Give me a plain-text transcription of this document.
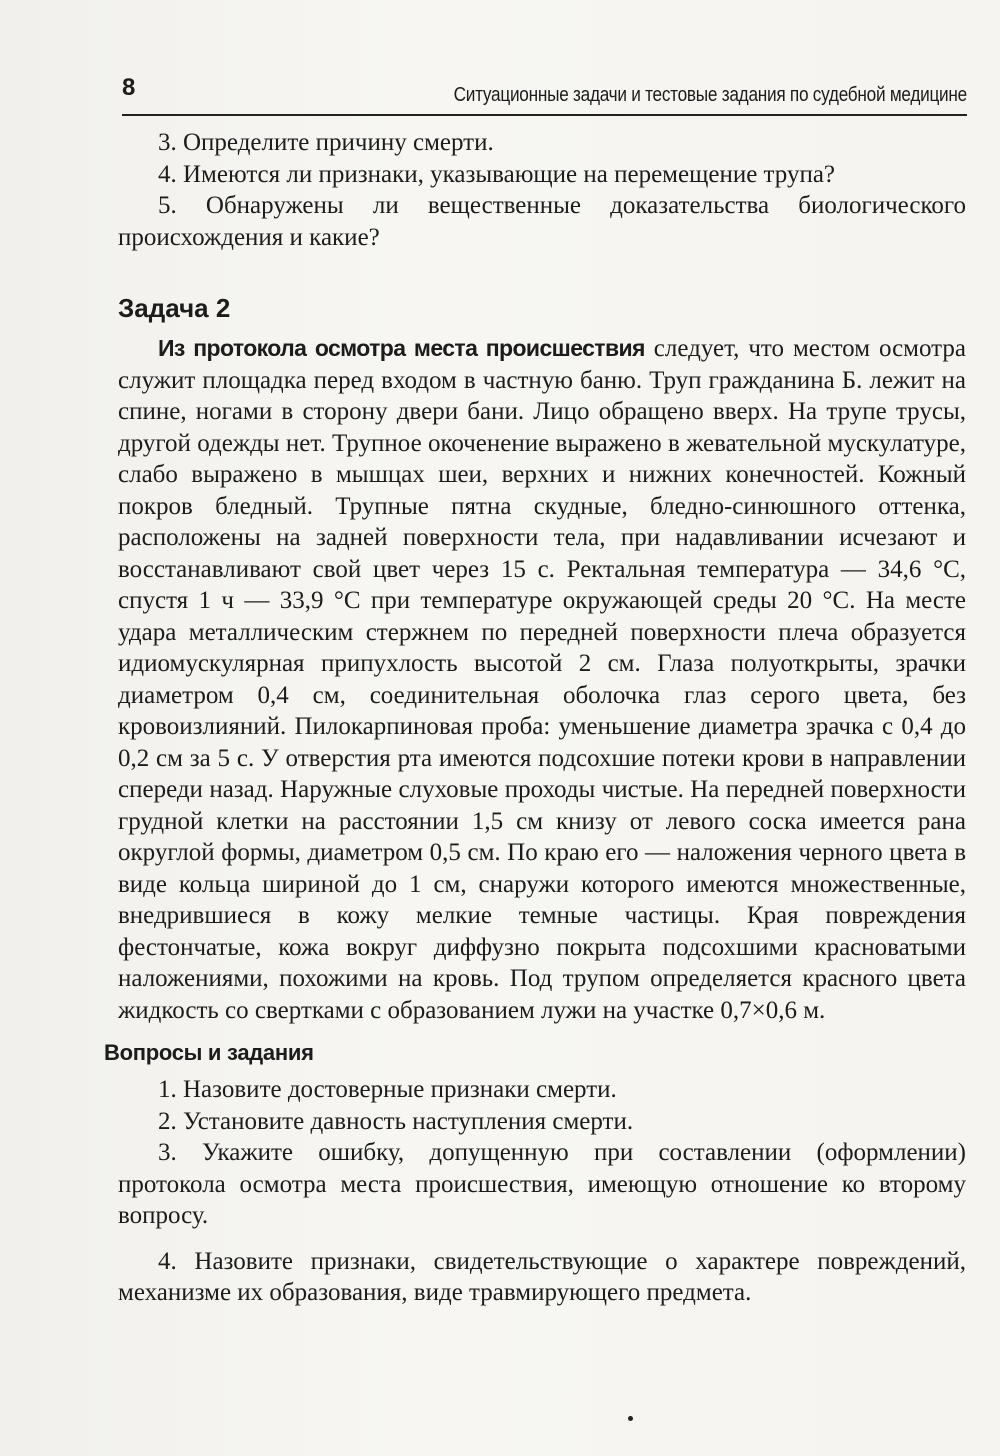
8	Ситуационные задачи и тестовые задания по судебной медицине

3. Определите причину смерти.

4. Имеются ли признаки, указывающие на перемещение трупа?

5. Обнаружены ли вещественные доказательства биологического происхождения и какие?

Задача 2

Из протокола осмотра места происшествия следует, что местом осмотра служит площадка перед входом в частную баню. Труп гражданина Б. лежит на спине, ногами в сторону двери бани. Лицо обращено вверх. На трупе трусы, другой одежды нет. Трупное окоченение выражено в жевательной мускулатуре, слабо выражено в мышцах шеи, верхних и нижних конечностей. Кожный покров бледный. Трупные пятна скудные, бледно-синюшного оттенка, расположены на задней поверхности тела, при надавливании исчезают и восстанавливают свой цвет через 15 с. Ректальная температура — 34,6 °С, спустя 1 ч — 33,9 °С при температуре окружающей среды 20 °С. На месте удара металлическим стержнем по передней поверхности плеча образуется идиомускулярная припухлость высотой 2 см. Глаза полуоткрыты, зрачки диаметром 0,4 см, соединительная оболочка глаз серого цвета, без кровоизлияний. Пилокарпиновая проба: уменьшение диаметра зрачка с 0,4 до 0,2 см за 5 с. У отверстия рта имеются подсохшие потеки крови в направлении спереди назад. Наружные слуховые проходы чистые. На передней поверхности грудной клетки на расстоянии 1,5 см книзу от левого соска имеется рана округлой формы, диаметром 0,5 см. По краю его — наложения черного цвета в виде кольца шириной до 1 см, снаружи которого имеются множественные, внедрившиеся в кожу мелкие темные частицы. Края повреждения фестончатые, кожа вокруг диффузно покрыта подсохшими красноватыми наложениями, похожими на кровь. Под трупом определяется красного цвета жидкость со свертками с образованием лужи на участке 0,7×0,6 м.

Вопросы и задания

1. Назовите достоверные признаки смерти.

2. Установите давность наступления смерти.

3. Укажите ошибку, допущенную при составлении (оформлении) протокола осмотра места происшествия, имеющую отношение ко второму вопросу.

4. Назовите признаки, свидетельствующие о характере повреждений, механизме их образования, виде травмирующего предмета.
